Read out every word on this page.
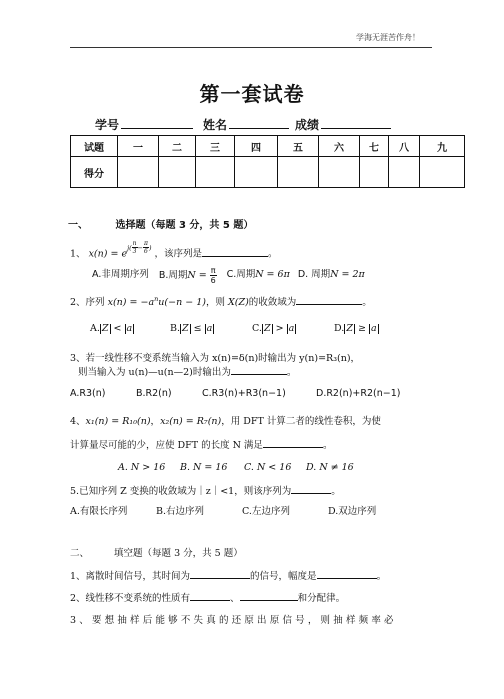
学海无涯苦作舟！
第一套试卷
学号	姓名	成绩
试题	一	二	三	四	五	六	七	八	九
得分									
一、	选择题（每题 3 分，共 5 题）
1、 $x(n) = e^{j( \frac{n}{3} - \frac{\pi}{6} )}$ ，该序列是	。
A.非周期序列 B.周期$N = \frac{\pi}{6} C$.周期N = 6π D. 周期N = 2π
2、序列 $x(n) = -a^nu(-n - 1)$，则 X(Z)的收敛域为	。
A. Z < a	B. Z ≤ a	C. Z > a	D. Z ≥ a
3、若一线性移不变系统当输入为 x(n)=δ(n)时输出为 y(n)=R₃(n)，
则当输入为 u(n)—u(n—2)时输出为	。
A.R3(n)	B.R2(n)	C.R3(n)+R3(n−1)	D.R2(n)+R2(n−1)
4、x₁(n) = R₁₀(n)，x₂(n) = R₇(n)，用 DFT 计算二者的线性卷积，为使
计算量尽可能的少，应使 DFT 的长度 N 满足	。
A. N > 16	B. N = 16	C. N < 16	D. N ≠ 16
5.已知序列 Z 变换的收敛域为｜z｜<1，则该序列为	。
A.有限长序列	B.右边序列	C.左边序列	D.双边序列
二、	填空题（每题 3 分，共 5 题）
1、离散时间信号，其时间为	的信号，幅度是	。
2、线性移不变系统的性质有	、	和分配律。
3、要想抽样后能够不失真的还原出原信号，则抽样频率必
